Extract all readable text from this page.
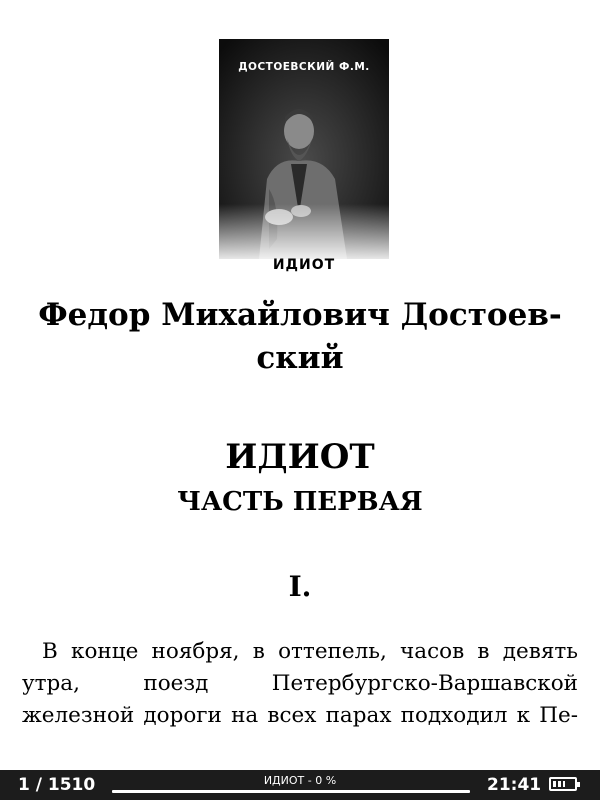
ДОСТОЕВСКИЙ Ф.М.
ИДИОТ
Федор Михайлович Достоев-ский
ИДИОТ
ЧАСТЬ ПЕРВАЯ
I.
В конце ноября, в оттепель, часов в девять утра, поезд Петербургско-Варшавской железной дороги на всех парах подходил к Пе-
1 / 1510	ИДИОТ - 0 %	21:41
